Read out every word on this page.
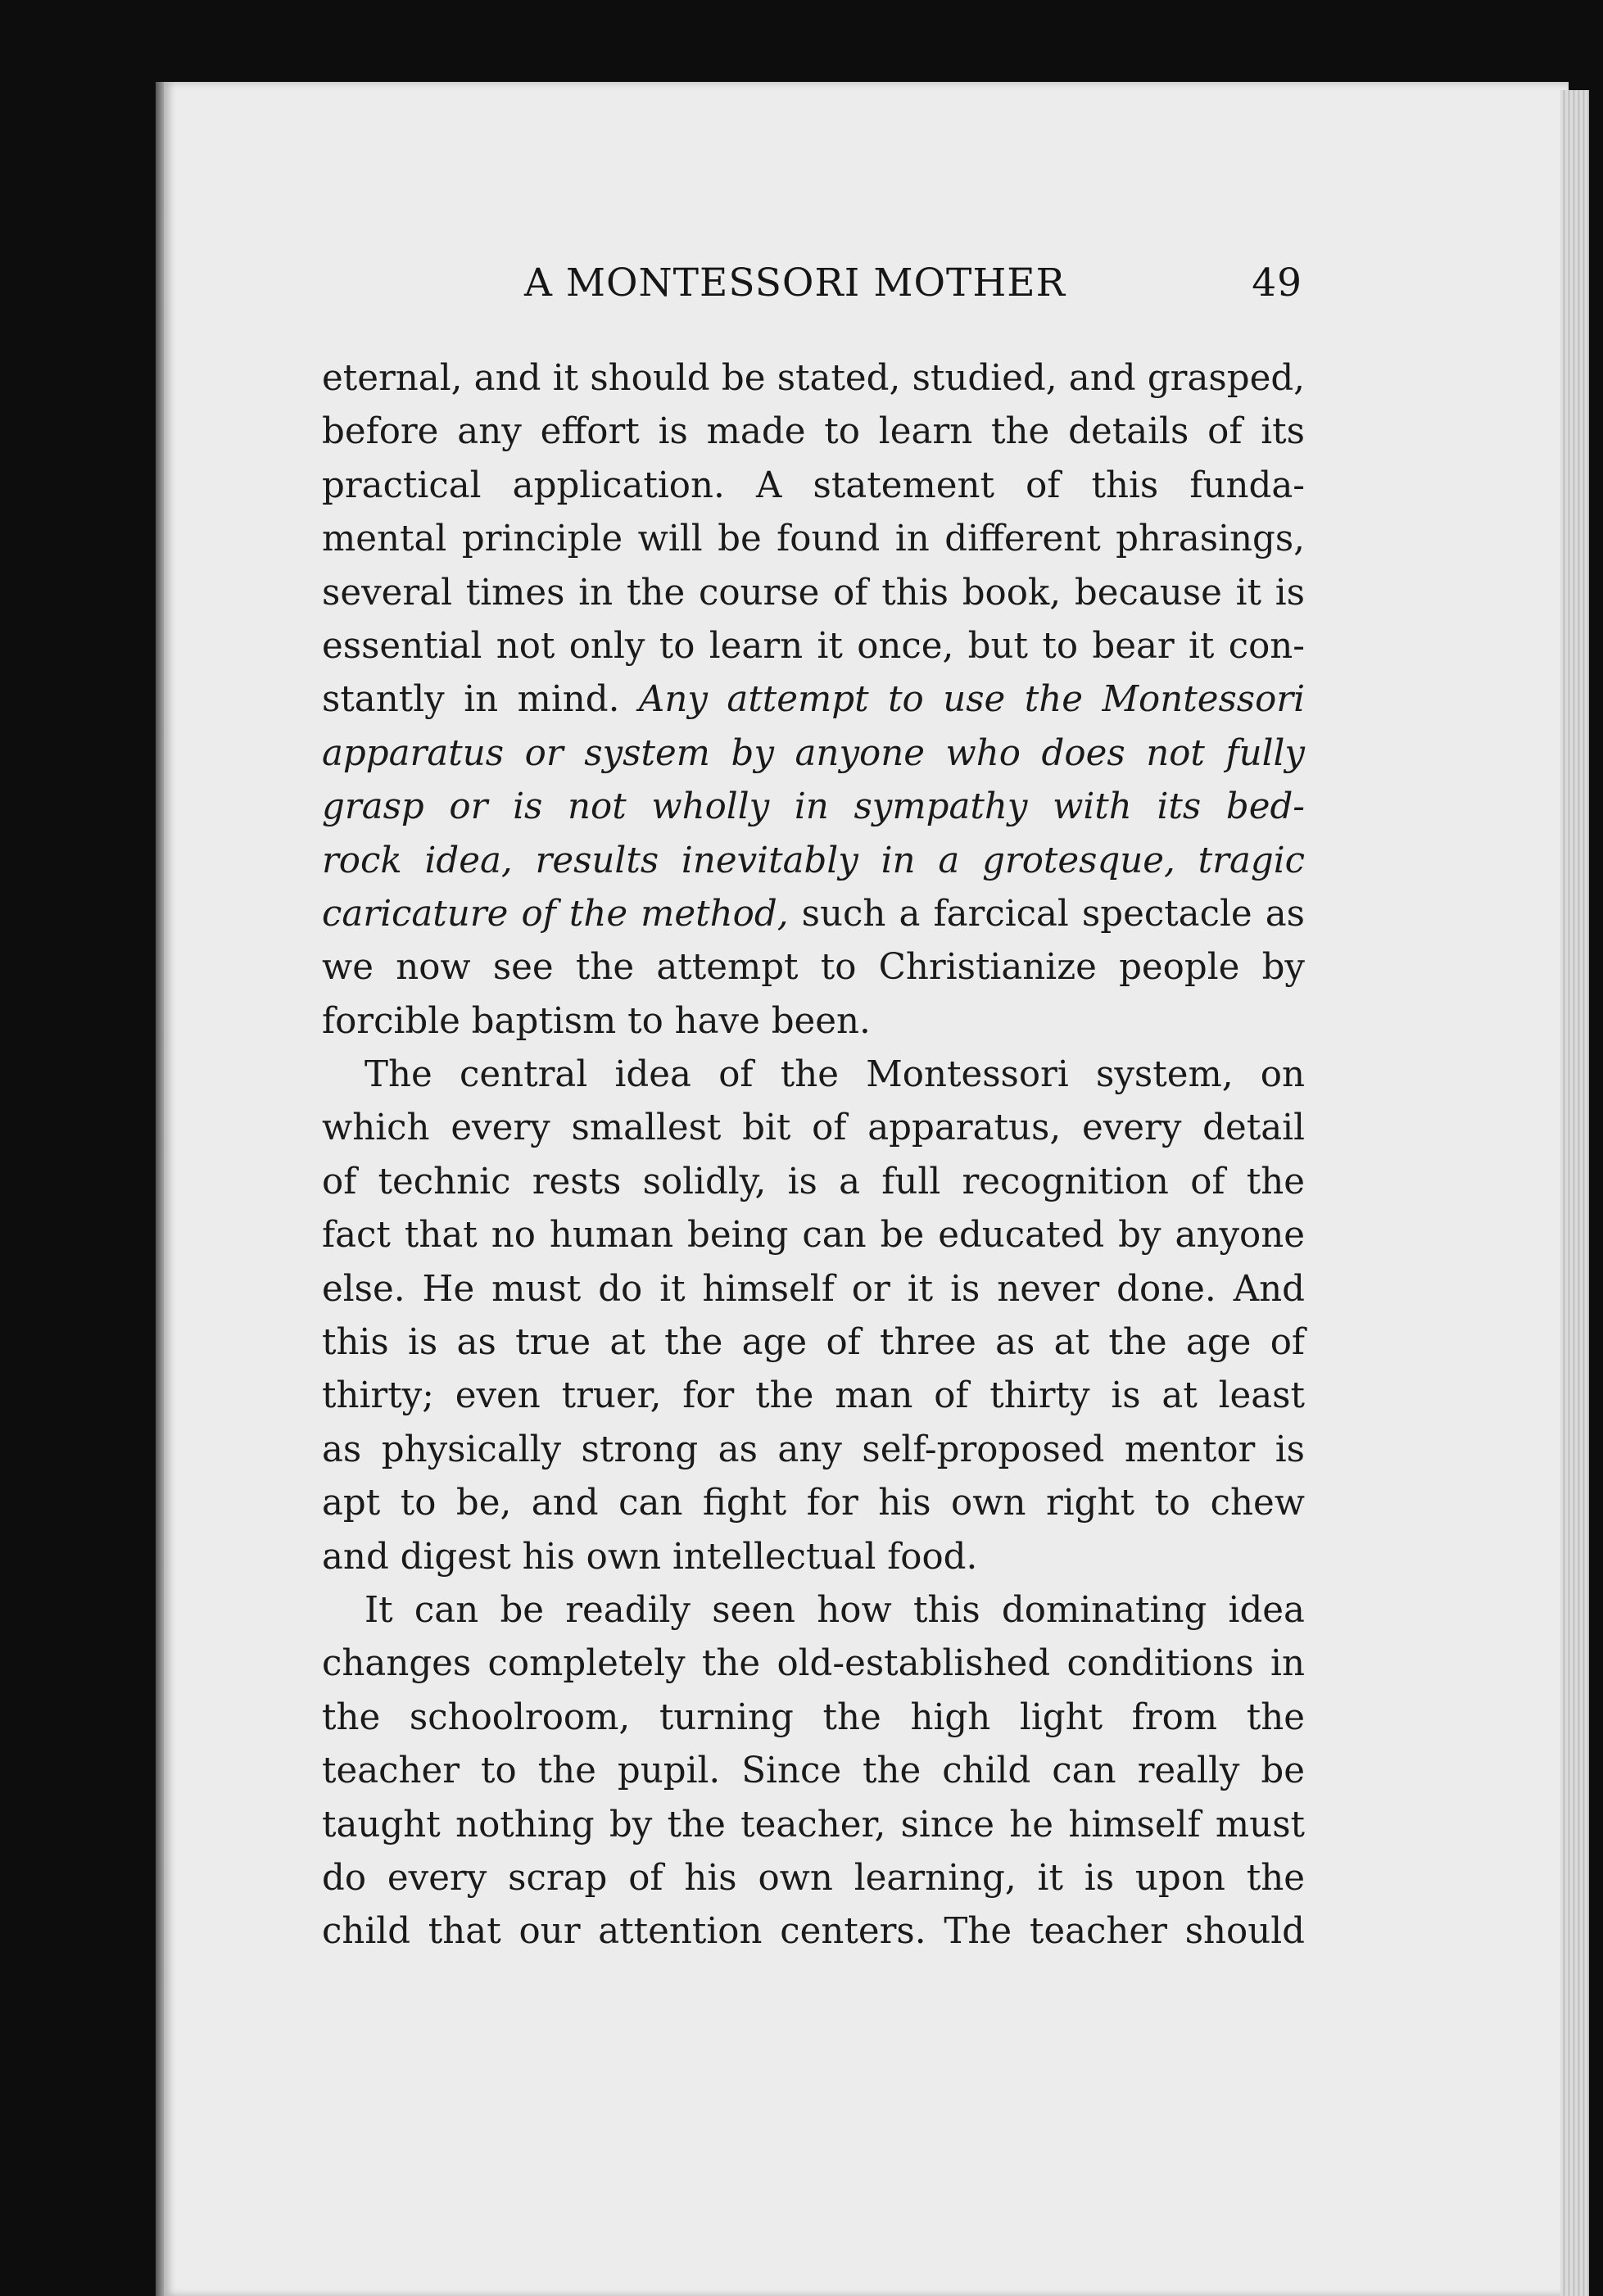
A MONTESSORI MOTHER	49
eternal, and it should be stated, studied, and grasped,
before any effort is made to learn the details of its
practical application. A statement of this funda-
mental principle will be found in different phrasings,
several times in the course of this book, because it is
essential not only to learn it once, but to bear it con-
stantly in mind. Any attempt to use the Montessori
apparatus or system by anyone who does not fully
grasp or is not wholly in sympathy with its bed-
rock idea, results inevitably in a grotesque, tragic
caricature of the method, such a farcical spectacle as
we now see the attempt to Christianize people by
forcible baptism to have been.
The central idea of the Montessori system, on
which every smallest bit of apparatus, every detail
of technic rests solidly, is a full recognition of the
fact that no human being can be educated by anyone
else. He must do it himself or it is never done. And
this is as true at the age of three as at the age of
thirty; even truer, for the man of thirty is at least
as physically strong as any self-proposed mentor is
apt to be, and can fight for his own right to chew
and digest his own intellectual food.
It can be readily seen how this dominating idea
changes completely the old-established conditions in
the schoolroom, turning the high light from the
teacher to the pupil. Since the child can really be
taught nothing by the teacher, since he himself must
do every scrap of his own learning, it is upon the
child that our attention centers. The teacher should
